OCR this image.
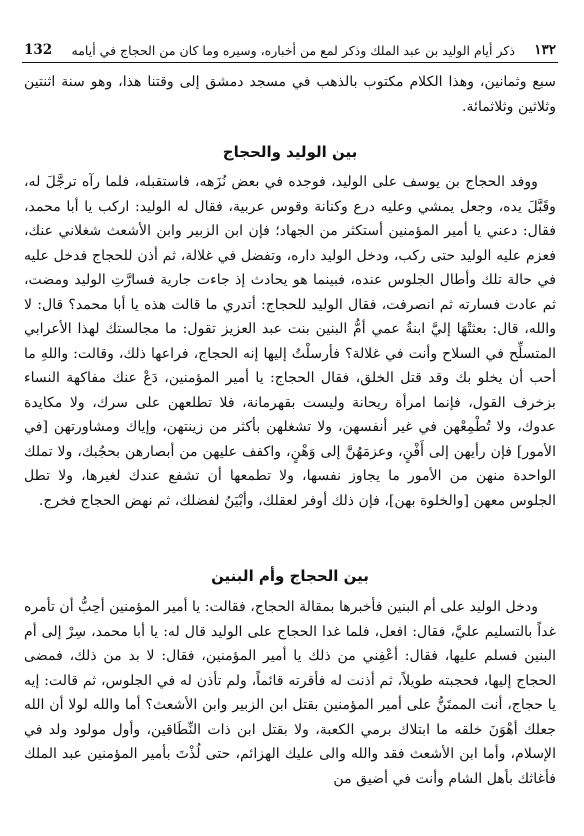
١٣٢
ذكر أيام الوليد بن عبد الملك وذكر لمع من أخباره، وسيره وما كان من الحجاج في أيامه
132

سبع وثمانين، وهذا الكلام مكتوب بالذهب في مسجد دمشق إلى وقتنا هذا، وهو سنة اثنتين وثلاثين وثلاثمائة.

بين الوليد والحجاج

ووفد الحجاج بن يوسف على الوليد، فوجده في بعض نُزَهه، فاستقبله، فلما رآه ترجَّلَ له، وقَبَّلَ يده، وجعل يمشي وعليه درع وكنانة وقوس عربية، فقال له الوليد: اركب يا أبا محمد، فقال: دعني يا أمير المؤمنين أستكثر من الجهاد؛ فإن ابن الزبير وابن الأشعث شغلاني عنك، فعزم عليه الوليد حتى ركب، ودخل الوليد داره، وتفضل في غلالة، ثم أذن للحجاج فدخل عليه في حالة تلك وأطال الجلوس عنده، فبينما هو يحادث إذ جاءت جارية فسارَّتِ الوليد ومضت، ثم عادت فسارته ثم انصرفت، فقال الوليد للحجاج: أتدري ما قالت هذه يا أبا محمد؟ قال: لا والله، قال: بعثتْهَا إليَّ ابنةُ عمي أمُّ البنين بنت عبد العزيز تقول: ما مجالستك لهذا الأعرابي المتسلِّح في السلاح وأنت في غلالة؟ فأرسلْتُ إليها إنه الحجاج، فراعها ذلك، وقالت: واللهِ ما أحب أن يخلو بك وقد قتل الخلق، فقال الحجاج: يا أمير المؤمنين، دَعْ عنك مفاكهة النساء بزخرف القول، فإنما امرأة ريحانة وليست بقهرمانة، فلا تطلعهن على سرك، ولا مكايدة عدوك، ولا تُطْمِعْهن في غير أنفسهن، ولا تشغلهن بأكثر من زينتهن، وإياك ومشاورتهن [في الأمور] فإن رأيهن إلى أَفْنٍ، وعزمَهُنَّ إلى وَهْنٍ، واكفف عليهن من أبصارهن بحجُبك، ولا تملك الواحدة منهن من الأمور ما يجاوز نفسها، ولا تطمعها أن تشفع عندك لغيرها، ولا تطل الجلوس معهن [والخلوة بهن]، فإن ذلك أوفر لعقلك، وأبْيَنُ لفضلك، ثم نهض الحجاج فخرج.

بين الحجاج وأم البنين

ودخل الوليد على أم البنين فأخبرها بمقالة الحجاج، فقالت: يا أمير المؤمنين أحِبُّ أن تأمره غداً بالتسليم عليَّ، فقال: افعل، فلما غدا الحجاج على الوليد قال له: يا أبا محمد، سِرْ إلى أم البنين فسلم عليها، فقال: أعْفِني من ذلك يا أمير المؤمنين، فقال: لا بد من ذلك، فمضى الحجاج إليها، فحجبته طويلاً، ثم أذنت له فأقرته قائماً، ولم تأذن له في الجلوس، ثم قالت: إيه يا حجاج، أنت الممتَنُّ على أمير المؤمنين بقتل ابن الزبير وابن الأشعث؟ أما والله لولا أن الله جعلك أهْوَنَ خلقه ما ابتلاك برمي الكعبة، ولا بقتل ابن ذات النِّطَاقين، وأول مولود ولد في الإسلام، وأما ابن الأشعث فقد والله والى عليك الهزائم، حتى لُذْتَ بأمير المؤمنين عبد الملك فأغاثك بأهل الشام وأنت في أضيق من
